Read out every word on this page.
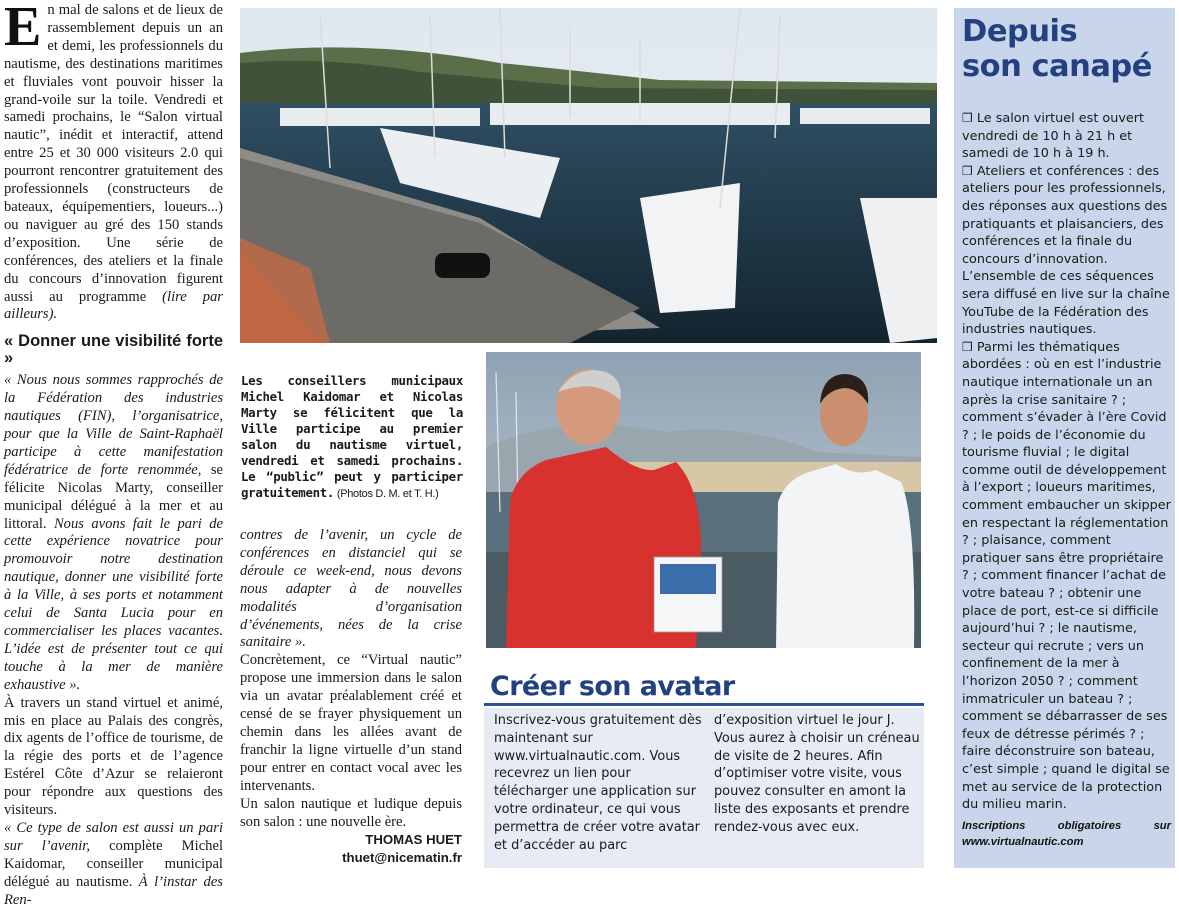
En mal de salons et de lieux de rassemblement depuis un an et demi, les professionnels du nautisme, des destinations maritimes et fluviales vont pouvoir hisser la grand-voile sur la toile. Vendredi et samedi prochains, le “Salon virtual nautic”, inédit et interactif, attend entre 25 et 30 000 visiteurs 2.0 qui pourront rencontrer gratuitement des professionnels (constructeurs de bateaux, équipementiers, loueurs...) ou naviguer au gré des 150 stands d’exposition. Une série de conférences, des ateliers et la finale du concours d’innovation figurent aussi au programme (lire par ailleurs).

« Donner une visibilité forte »

« Nous nous sommes rapprochés de la Fédération des industries nautiques (FIN), l’organisatrice, pour que la Ville de Saint-Raphaël participe à cette manifestation fédératrice de forte renommée, se félicite Nicolas Marty, conseiller municipal délégué à la mer et au littoral. Nous avons fait le pari de cette expérience novatrice pour promouvoir notre destination nautique, donner une visibilité forte à la Ville, à ses ports et notamment celui de Santa Lucia pour en commercialiser les places vacantes. L’idée est de présenter tout ce qui touche à la mer de manière exhaustive ».

À travers un stand virtuel et animé, mis en place au Palais des congrès, dix agents de l’office de tourisme, de la régie des ports et de l’agence Estérel Côte d’Azur se relaieront pour répondre aux questions des visiteurs.

« Ce type de salon est aussi un pari sur l’avenir, complète Michel Kaidomar, conseiller municipal délégué au nautisme. À l’instar des Ren-

Les conseillers municipaux Michel Kaidomar et Nicolas Marty se félicitent que la Ville participe au premier salon du nautisme virtuel, vendredi et samedi prochains. Le “public” peut y participer gratuitement. (Photos D. M. et T. H.)

contres de l’avenir, un cycle de conférences en distanciel qui se déroule ce week-end, nous devons nous adapter à de nouvelles modalités d’organisation d’événements, nées de la crise sanitaire ».

Concrètement, ce “Virtual nautic” propose une immersion dans le salon via un avatar préalablement créé et censé de se frayer physiquement un chemin dans les allées avant de franchir la ligne virtuelle d’un stand pour entrer en contact vocal avec les intervenants.

Un salon nautique et ludique depuis son salon : une nouvelle ère.

THOMAS HUET
thuet@nicematin.fr
Créer son avatar
Inscrivez-vous gratuitement dès maintenant sur www.virtualnautic.com. Vous recevrez un lien pour télécharger une application sur votre ordinateur, ce qui vous permettra de créer votre avatar et d’accéder au parc
d’exposition virtuel le jour J. Vous aurez à choisir un créneau de visite de 2 heures. Afin d’optimiser votre visite, vous pouvez consulter en amont la liste des exposants et prendre rendez-vous avec eux.
Depuis
son canapé

❒ Le salon virtuel est ouvert vendredi de 10 h à 21 h et samedi de 10 h à 19 h.

❒ Ateliers et conférences : des ateliers pour les professionnels, des réponses aux questions des pratiquants et plaisanciers, des conférences et la finale du concours d’innovation. L’ensemble de ces séquences sera diffusé en live sur la chaîne YouTube de la Fédération des industries nautiques.

❒ Parmi les thématiques abordées : où en est l’industrie nautique internationale un an après la crise sanitaire ? ; comment s’évader à l’ère Covid ? ; le poids de l’économie du tourisme fluvial ; le digital comme outil de développement à l’export ; loueurs maritimes, comment embaucher un skipper en respectant la réglementation ? ; plaisance, comment pratiquer sans être propriétaire ? ; comment financer l’achat de votre bateau ? ; obtenir une place de port, est-ce si difficile aujourd’hui ? ; le nautisme, secteur qui recrute ; vers un confinement de la mer à l’horizon 2050 ? ; comment immatriculer un bateau ? ; comment se débarrasser de ses feux de détresse périmés ? ; faire déconstruire son bateau, c’est simple ; quand le digital se met au service de la protection du milieu marin.

Inscriptions	obligatoires	sur
www.virtualnautic.com
